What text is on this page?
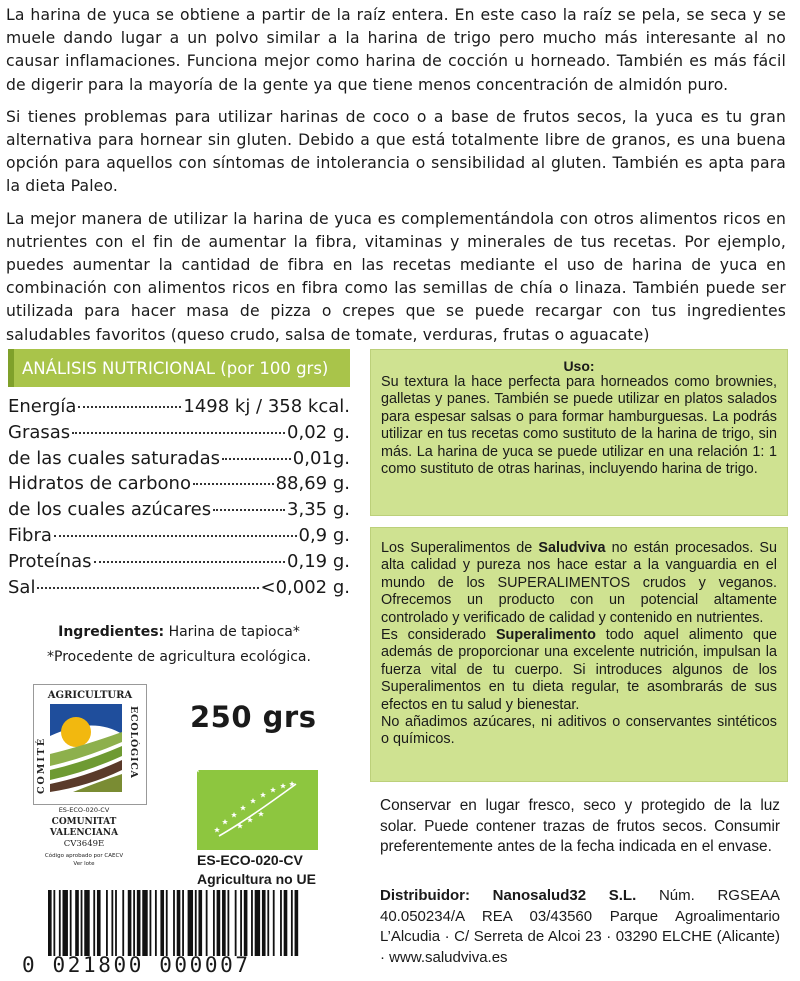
La harina de yuca se obtiene a partir de la raíz entera. En este caso la raíz se pela, se seca y se muele dando lugar a un polvo similar a la harina de trigo pero mucho más interesante al no causar inflamaciones. Funciona mejor como harina de cocción u horneado. También es más fácil de digerir para la mayoría de la gente ya que tiene menos concentración de almidón puro.

Si tienes problemas para utilizar harinas de coco o a base de frutos secos, la yuca es tu gran alternativa para hornear sin gluten. Debido a que está totalmente libre de granos, es una buena opción para aquellos con síntomas de intolerancia o sensibilidad al gluten. También es apta para la dieta Paleo.

La mejor manera de utilizar la harina de yuca es complementándola con otros alimentos ricos en nutrientes con el fin de aumentar la fibra, vitaminas y minerales de tus recetas. Por ejemplo, puedes aumentar la cantidad de fibra en las recetas mediante el uso de harina de yuca en combinación con alimentos ricos en fibra como las semillas de chía o linaza. También puede ser utilizada para hacer masa de pizza o crepes que se puede recargar con tus ingredientes saludables favoritos (queso crudo, salsa de tomate, verduras, frutas o aguacate)

ANÁLISIS NUTRICIONAL (por 100 grs)
Energía	1498 kj / 358 kcal.
Grasas	0,02 g.
de las cuales saturadas	0,01g.
Hidratos de carbono	88,69 g.
de los cuales azúcares	3,35 g.
Fibra	0,9 g.
Proteínas	0,19 g.
Sal	<0,002 g.
Ingredientes: Harina de tapioca*
*Procedente de agricultura ecológica.
Uso:
Su textura la hace perfecta para horneados como brownies, galletas y panes. También se puede utilizar en platos salados para espesar salsas o para formar hamburguesas. La podrás utilizar en tus recetas como sustituto de la harina de trigo, sin más. La harina de yuca se puede utilizar en una relación 1: 1 como sustituto de otras harinas, incluyendo harina de trigo.

Los Superalimentos de Saludviva no están procesados. Su alta calidad y pureza nos hace estar a la vanguardia en el mundo de los SUPERALIMENTOS crudos y veganos. Ofrecemos un producto con un potencial altamente controlado y verificado de calidad y contenido en nutrientes.

Es considerado Superalimento todo aquel alimento que además de proporcionar una excelente nutrición, impulsan la fuerza vital de tu cuerpo. Si introduces algunos de los Superalimentos en tu dieta regular, te asombrarás de sus efectos en tu salud y bienestar.

No añadimos azúcares, ni aditivos o conservantes sintéticos o químicos.

Conservar en lugar fresco, seco y protegido de la luz solar. Puede contener trazas de frutos secos. Consumir preferentemente antes de la fecha indicada en el envase.
Distribuidor: Nanosalud32 S.L. Núm. RGSEAA 40.050234/A REA 03/43560 Parque Agroalimentario L’Alcudia · C/ Serreta de Alcoi 23 · 03290 ELCHE (Alicante) · www.saludviva.es
AGRICULTURA
COMITÉ	ECOLÓGICA
ES-ECO-020-CV
COMUNITAT
VALENCIANA
CV3649E
Código aprobado por CAECV
Ver lote
250 grs
ES-ECO-020-CV
Agricultura no UE
0 021800 000007
